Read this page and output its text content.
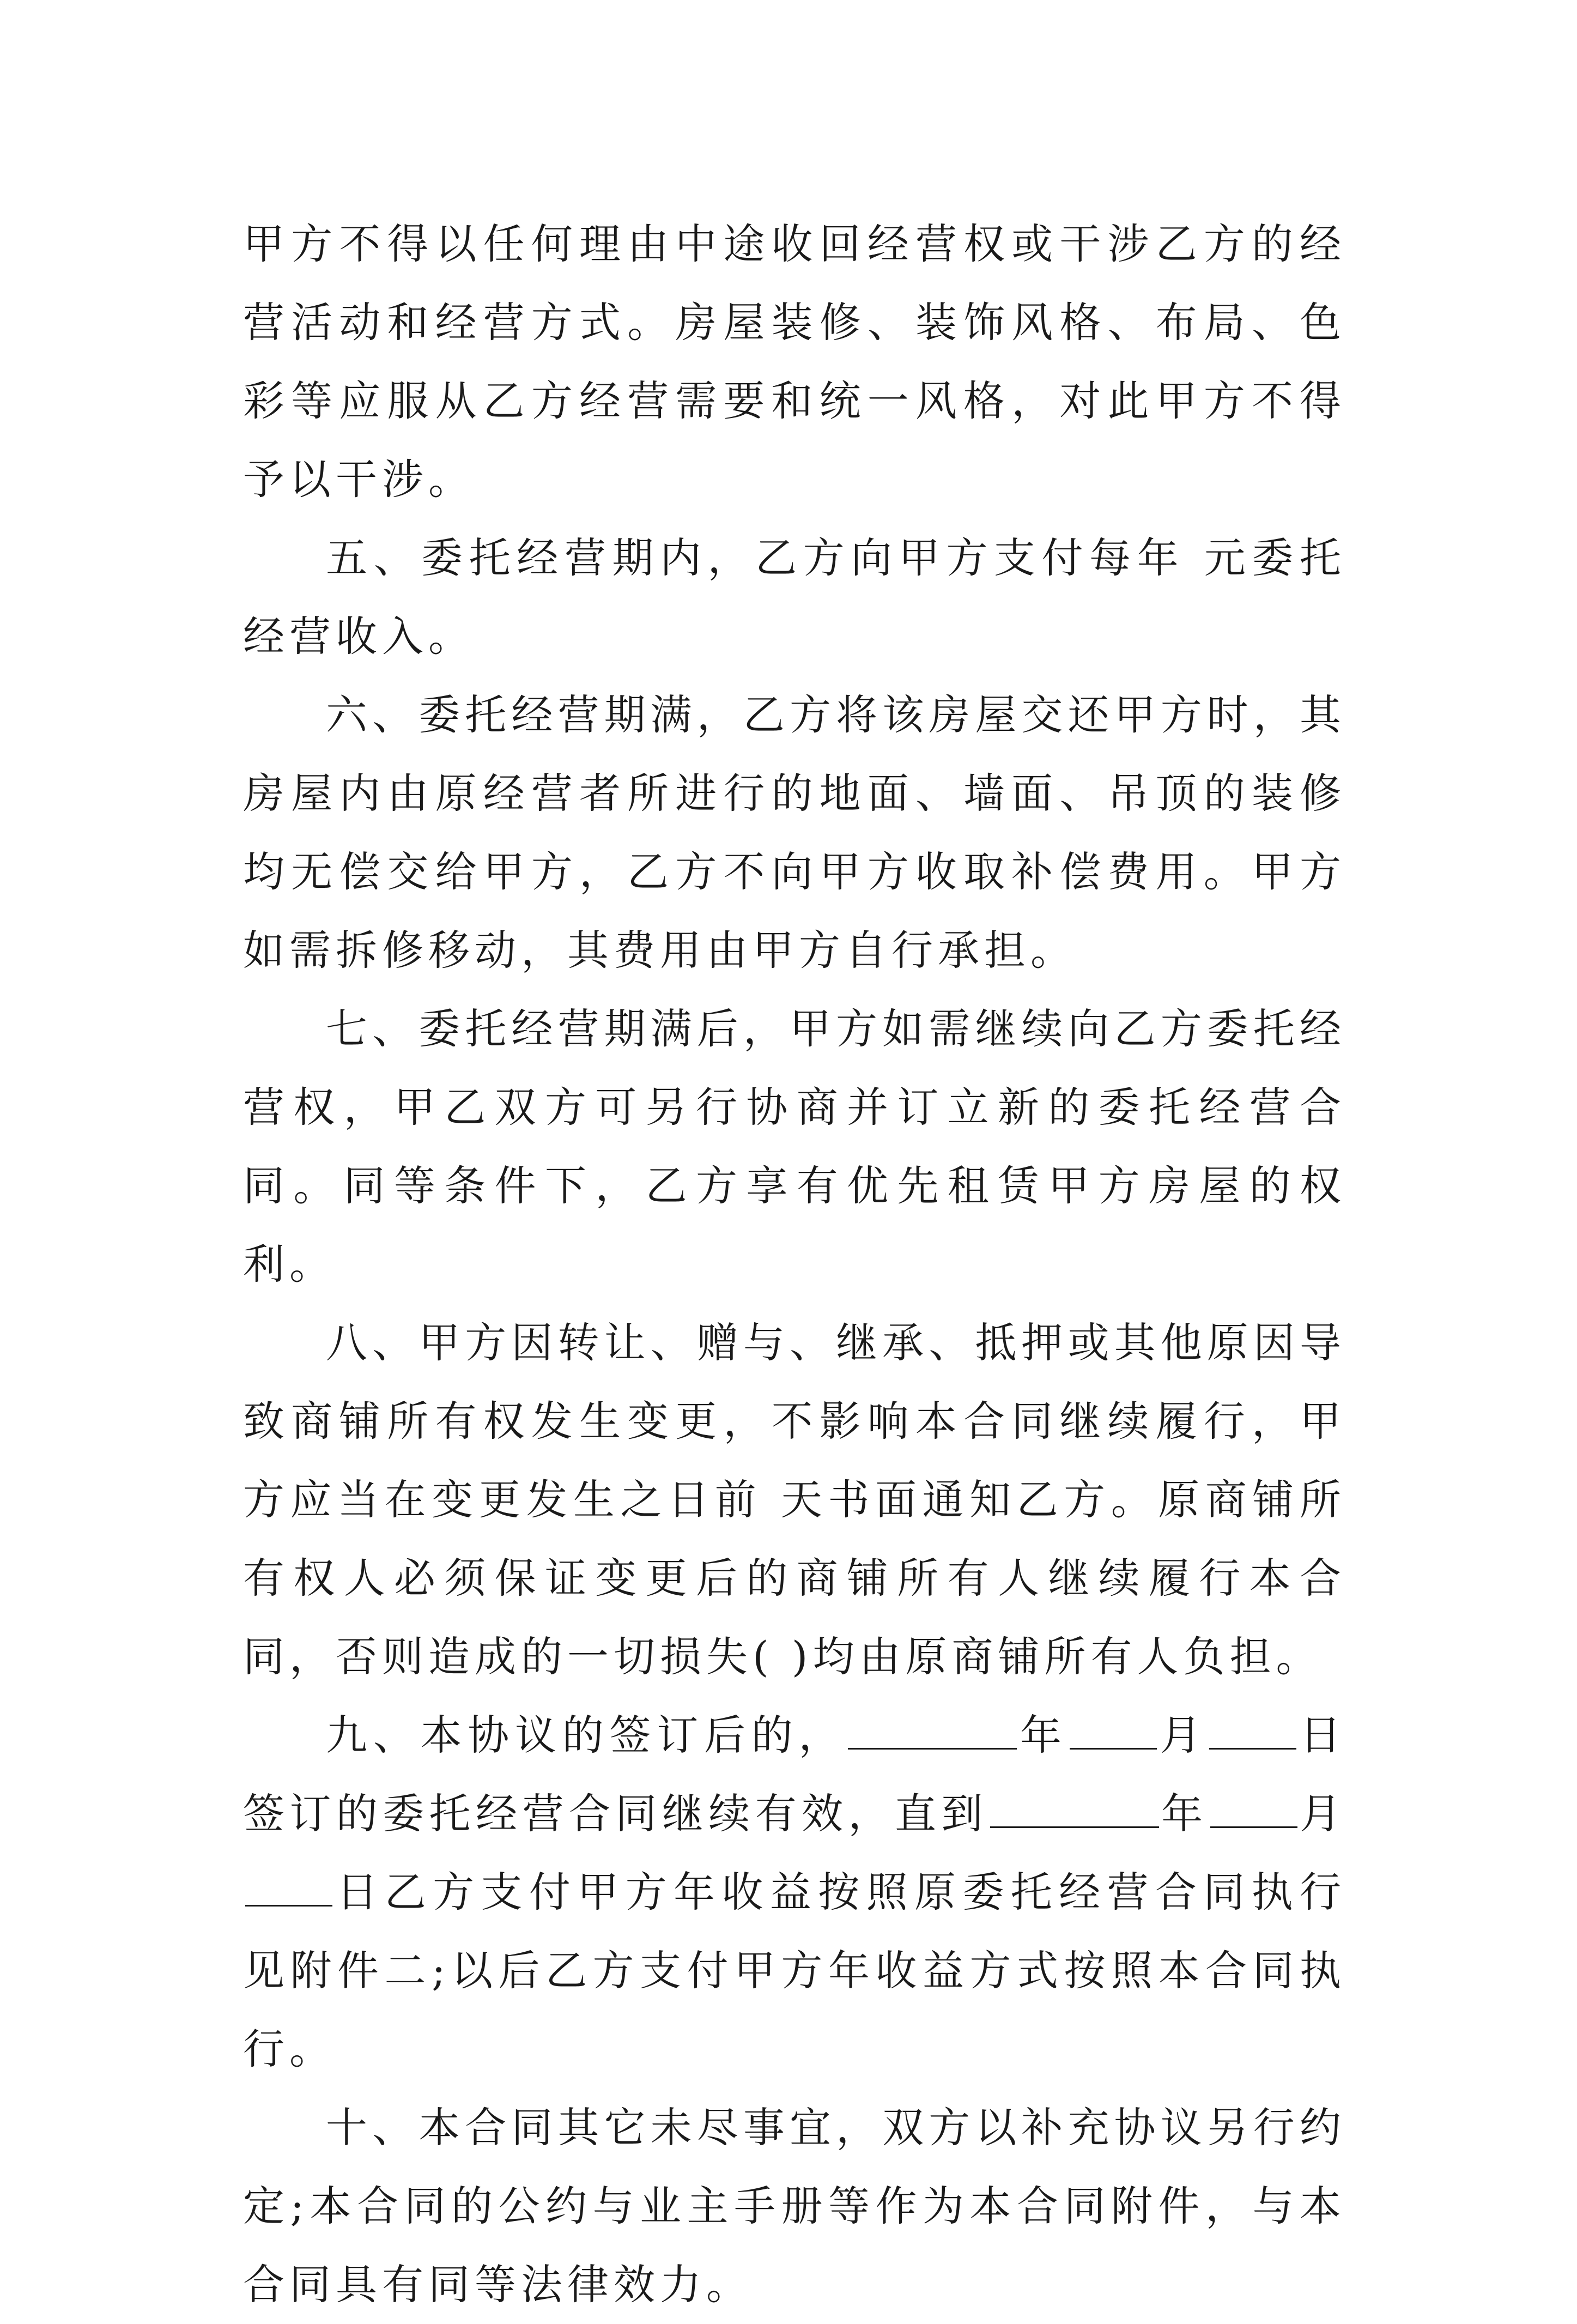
甲方不得以任何理由中途收回经营权或干涉乙方的经营活动和经营方式。房屋装修、装饰风格、布局、色彩等应服从乙方经营需要和统一风格，对此甲方不得予以干涉。

五、委托经营期内，乙方向甲方支付每年 元委托经营收入。

六、委托经营期满，乙方将该房屋交还甲方时，其房屋内由原经营者所进行的地面、墙面、吊顶的装修均无偿交给甲方，乙方不向甲方收取补偿费用。甲方如需拆修移动，其费用由甲方自行承担。

七、委托经营期满后，甲方如需继续向乙方委托经营权，甲乙双方可另行协商并订立新的委托经营合同。同等条件下，乙方享有优先租赁甲方房屋的权利。

八、甲方因转让、赠与、继承、抵押或其他原因导致商铺所有权发生变更，不影响本合同继续履行，甲方应当在变更发生之日前 天书面通知乙方。原商铺所有权人必须保证变更后的商铺所有人继续履行本合同，否则造成的一切损失( )均由原商铺所有人负担。

九、本协议的签订后的，	年 月 日签订的委托经营合同继续有效，直到	年 月日乙方支付甲方年收益按照原委托经营合同执行见附件二;以后乙方支付甲方年收益方式按照本合同执行。

十、本合同其它未尽事宜，双方以补充协议另行约定;本合同的公约与业主手册等作为本合同附件，与本合同具有同等法律效力。
